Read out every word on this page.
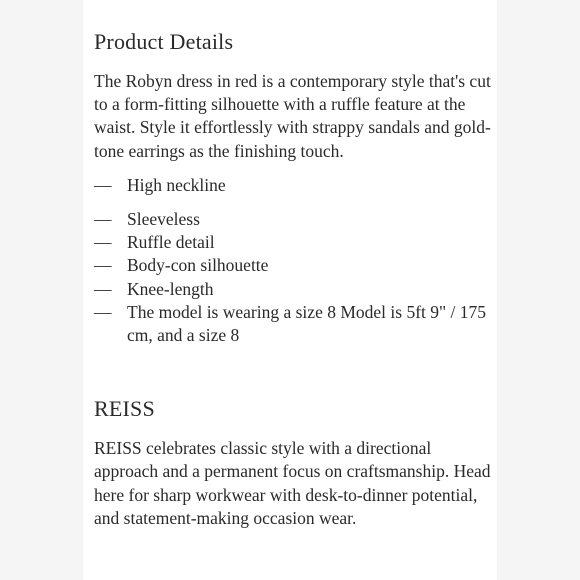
Product Details

The Robyn dress in red is a contemporary style that's cut to a form-fitting silhouette with a ruffle feature at the waist. Style it effortlessly with strappy sandals and gold-tone earrings as the finishing touch.

— High neckline
— Sleeveless
— Ruffle detail
— Body-con silhouette
— Knee-length
— The model is wearing a size 8 Model is 5ft 9" / 175 cm, and a size 8
REISS

REISS celebrates classic style with a directional approach and a permanent focus on craftsmanship. Head here for sharp workwear with desk-to-dinner potential, and statement-making occasion wear.
